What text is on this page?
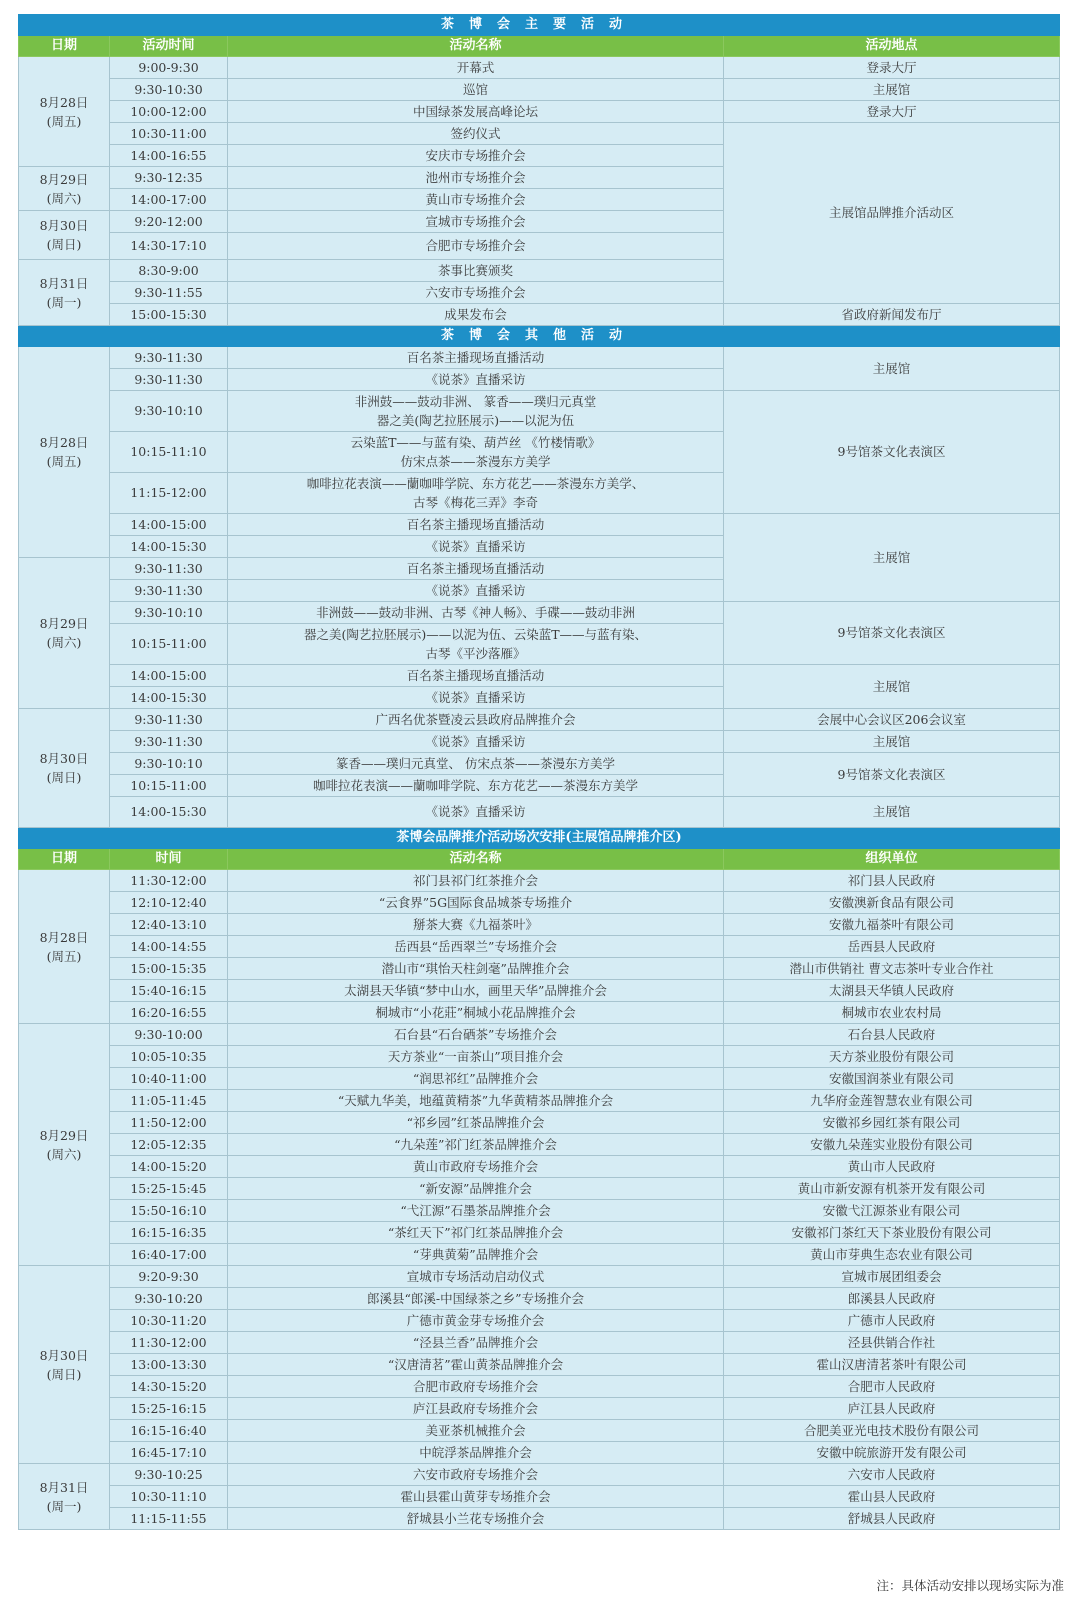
茶博会主要活动			
日期	活动时间	活动名称	活动地点
8月28日
(周五)	9:00-9:30	开幕式	登录大厅
	9:30-10:30	巡馆	主展馆
	10:00-12:00	中国绿茶发展高峰论坛	登录大厅
	10:30-11:00	签约仪式	主展馆品牌推介活动区
	14:00-16:55	安庆市专场推介会	
8月29日
(周六)	9:30-12:35	池州市专场推介会	
	14:00-17:00	黄山市专场推介会	
8月30日
(周日)	9:20-12:00	宣城市专场推介会	
	14:30-17:10	合肥市专场推介会	
8月31日
(周一)	8:30-9:00	茶事比赛颁奖	
	9:30-11:55	六安市专场推介会	
	15:00-15:30	成果发布会	省政府新闻发布厅
茶博会其他活动			
8月28日
(周五)	9:30-11:30	百名茶主播现场直播活动	主展馆
	9:30-11:30	《说茶》直播采访	
	9:30-10:10	非洲鼓——鼓动非洲、 篆香——璞归元真堂
器之美(陶艺拉胚展示)——以泥为伍	9号馆茶文化表演区
	10:15-11:10	云染蓝T——与蓝有染、葫芦丝 《竹楼情歌》
仿宋点茶——茶漫东方美学	
	11:15-12:00	咖啡拉花表演——蘭咖啡学院、东方花艺——茶漫东方美学、
古琴《梅花三弄》李奇	
	14:00-15:00	百名茶主播现场直播活动	主展馆
	14:00-15:30	《说茶》直播采访	
8月29日
(周六)	9:30-11:30	百名茶主播现场直播活动	
	9:30-11:30	《说茶》直播采访	
	9:30-10:10	非洲鼓——鼓动非洲、古琴《神人畅》、手碟——鼓动非洲	9号馆茶文化表演区
	10:15-11:00	器之美(陶艺拉胚展示)——以泥为伍、云染蓝T——与蓝有染、
古琴《平沙落雁》	
	14:00-15:00	百名茶主播现场直播活动	主展馆
	14:00-15:30	《说茶》直播采访	
8月30日
(周日)	9:30-11:30	广西名优茶暨凌云县政府品牌推介会	会展中心会议区206会议室
	9:30-11:30	《说茶》直播采访	主展馆
	9:30-10:10	篆香——璞归元真堂、 仿宋点茶——茶漫东方美学	9号馆茶文化表演区
	10:15-11:00	咖啡拉花表演——蘭咖啡学院、东方花艺——茶漫东方美学	
	14:00-15:30	《说茶》直播采访	主展馆
茶博会品牌推介活动场次安排(主展馆品牌推介区)			
日期	时间	活动名称	组织单位
8月28日
(周五)	11:30-12:00	祁门县祁门红茶推介会	祁门县人民政府
	12:10-12:40	“云食界”5G国际食品城茶专场推介	安徽澳新食品有限公司
	12:40-13:10	掰茶大赛《九福茶叶》	安徽九福茶叶有限公司
	14:00-14:55	岳西县“岳西翠兰”专场推介会	岳西县人民政府
	15:00-15:35	潜山市“琪怡天柱剑毫”品牌推介会	潜山市供销社 曹文志茶叶专业合作社
	15:40-16:15	太湖县天华镇“梦中山水，画里天华”品牌推介会	太湖县天华镇人民政府
	16:20-16:55	桐城市“小花莊”桐城小花品牌推介会	桐城市农业农村局
8月29日
(周六)	9:30-10:00	石台县“石台硒茶”专场推介会	石台县人民政府
	10:05-10:35	天方茶业“一亩茶山”项目推介会	天方茶业股份有限公司
	10:40-11:00	“润思祁红”品牌推介会	安徽国润茶业有限公司
	11:05-11:45	“天赋九华美，地蕴黄精茶”九华黄精茶品牌推介会	九华府金莲智慧农业有限公司
	11:50-12:00	“祁乡园”红茶品牌推介会	安徽祁乡园红茶有限公司
	12:05-12:35	“九朵莲”祁门红茶品牌推介会	安徽九朵莲实业股份有限公司
	14:00-15:20	黄山市政府专场推介会	黄山市人民政府
	15:25-15:45	“新安源”品牌推介会	黄山市新安源有机茶开发有限公司
	15:50-16:10	“弋江源”石墨茶品牌推介会	安徽弋江源茶业有限公司
	16:15-16:35	“茶红天下”祁门红茶品牌推介会	安徽祁门茶红天下茶业股份有限公司
	16:40-17:00	“芽典黄菊”品牌推介会	黄山市芽典生态农业有限公司
8月30日
(周日)	9:20-9:30	宣城市专场活动启动仪式	宣城市展团组委会
	9:30-10:20	郎溪县“郎溪-中国绿茶之乡”专场推介会	郎溪县人民政府
	10:30-11:20	广德市黄金芽专场推介会	广德市人民政府
	11:30-12:00	“泾县兰香”品牌推介会	泾县供销合作社
	13:00-13:30	“汉唐清茗”霍山黄茶品牌推介会	霍山汉唐清茗茶叶有限公司
	14:30-15:20	合肥市政府专场推介会	合肥市人民政府
	15:25-16:15	庐江县政府专场推介会	庐江县人民政府
	16:15-16:40	美亚茶机械推介会	合肥美亚光电技术股份有限公司
	16:45-17:10	中皖浮茶品牌推介会	安徽中皖旅游开发有限公司
8月31日
(周一)	9:30-10:25	六安市政府专场推介会	六安市人民政府
	10:30-11:10	霍山县霍山黄芽专场推介会	霍山县人民政府
	11:15-11:55	舒城县小兰花专场推介会	舒城县人民政府
注：具体活动安排以现场实际为准
